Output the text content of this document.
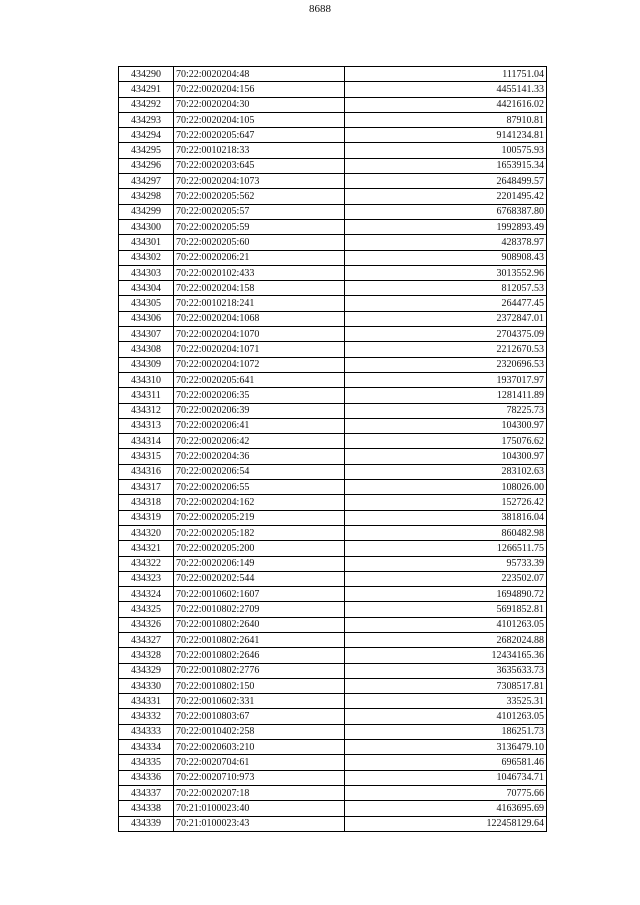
8688
434290	70:22:0020204:48	111751.04
434291	70:22:0020204:156	4455141.33
434292	70:22:0020204:30	4421616.02
434293	70:22:0020204:105	87910.81
434294	70:22:0020205:647	9141234.81
434295	70:22:0010218:33	100575.93
434296	70:22:0020203:645	1653915.34
434297	70:22:0020204:1073	2648499.57
434298	70:22:0020205:562	2201495.42
434299	70:22:0020205:57	6768387.80
434300	70:22:0020205:59	1992893.49
434301	70:22:0020205:60	428378.97
434302	70:22:0020206:21	908908.43
434303	70:22:0020102:433	3013552.96
434304	70:22:0020204:158	812057.53
434305	70:22:0010218:241	264477.45
434306	70:22:0020204:1068	2372847.01
434307	70:22:0020204:1070	2704375.09
434308	70:22:0020204:1071	2212670.53
434309	70:22:0020204:1072	2320696.53
434310	70:22:0020205:641	1937017.97
434311	70:22:0020206:35	1281411.89
434312	70:22:0020206:39	78225.73
434313	70:22:0020206:41	104300.97
434314	70:22:0020206:42	175076.62
434315	70:22:0020204:36	104300.97
434316	70:22:0020206:54	283102.63
434317	70:22:0020206:55	108026.00
434318	70:22:0020204:162	152726.42
434319	70:22:0020205:219	381816.04
434320	70:22:0020205:182	860482.98
434321	70:22:0020205:200	1266511.75
434322	70:22:0020206:149	95733.39
434323	70:22:0020202:544	223502.07
434324	70:22:0010602:1607	1694890.72
434325	70:22:0010802:2709	5691852.81
434326	70:22:0010802:2640	4101263.05
434327	70:22:0010802:2641	2682024.88
434328	70:22:0010802:2646	12434165.36
434329	70:22:0010802:2776	3635633.73
434330	70:22:0010802:150	7308517.81
434331	70:22:0010602:331	33525.31
434332	70:22:0010803:67	4101263.05
434333	70:22:0010402:258	186251.73
434334	70:22:0020603:210	3136479.10
434335	70:22:0020704:61	696581.46
434336	70:22:0020710:973	1046734.71
434337	70:22:0020207:18	70775.66
434338	70:21:0100023:40	4163695.69
434339	70:21:0100023:43	122458129.64
